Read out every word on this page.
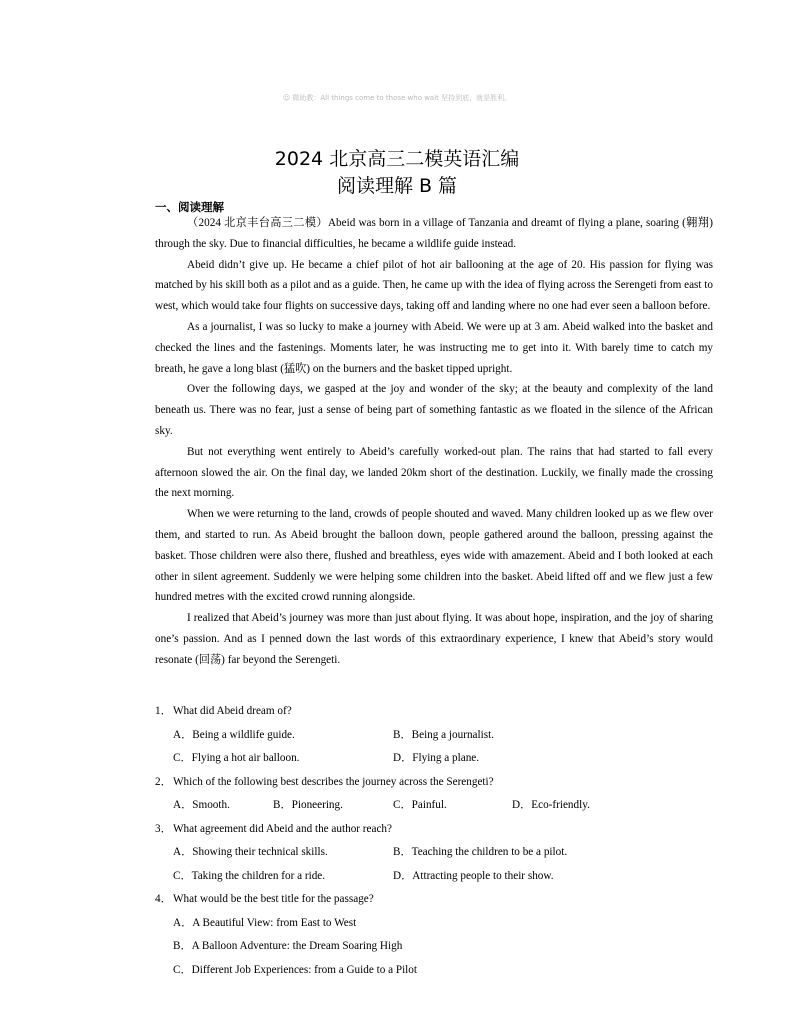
☺ 微助教：All things come to those who wait 坚持到底，就是胜利。
2024 北京高三二模英语汇编
阅读理解 B 篇
一、阅读理解

（2024 北京丰台高三二模）Abeid was born in a village of Tanzania and dreamt of flying a plane, soaring (翱翔) through the sky. Due to financial difficulties, he became a wildlife guide instead.

Abeid didn’t give up. He became a chief pilot of hot air ballooning at the age of 20. His passion for flying was matched by his skill both as a pilot and as a guide. Then, he came up with the idea of flying across the Serengeti from east to west, which would take four flights on successive days, taking off and landing where no one had ever seen a balloon before.

As a journalist, I was so lucky to make a journey with Abeid. We were up at 3 am. Abeid walked into the basket and checked the lines and the fastenings. Moments later, he was instructing me to get into it. With barely time to catch my breath, he gave a long blast (猛吹) on the burners and the basket tipped upright.

Over the following days, we gasped at the joy and wonder of the sky; at the beauty and complexity of the land beneath us. There was no fear, just a sense of being part of something fantastic as we floated in the silence of the African sky.

But not everything went entirely to Abeid’s carefully worked-out plan. The rains that had started to fall every afternoon slowed the air. On the final day, we landed 20km short of the destination. Luckily, we finally made the crossing the next morning.

When we were returning to the land, crowds of people shouted and waved. Many children looked up as we flew over them, and started to run. As Abeid brought the balloon down, people gathered around the balloon, pressing against the basket. Those children were also there, flushed and breathless, eyes wide with amazement. Abeid and I both looked at each other in silent agreement. Suddenly we were helping some children into the basket. Abeid lifted off and we flew just a few hundred metres with the excited crowd running alongside.

I realized that Abeid’s journey was more than just about flying. It was about hope, inspiration, and the joy of sharing one’s passion. And as I penned down the last words of this extraordinary experience, I knew that Abeid’s story would resonate (回荡) far beyond the Serengeti.

1．What did Abeid dream of?
A．Being a wildlife guide.	B．Being a journalist.
C．Flying a hot air balloon.	D．Flying a plane.
2．Which of the following best describes the journey across the Serengeti?
A．Smooth.	B．Pioneering.	C．Painful.	D．Eco-friendly.
3．What agreement did Abeid and the author reach?
A．Showing their technical skills.	B．Teaching the children to be a pilot.
C．Taking the children for a ride.	D．Attracting people to their show.
4．What would be the best title for the passage?
A．A Beautiful View: from East to West
B．A Balloon Adventure: the Dream Soaring High
C．Different Job Experiences: from a Guide to a Pilot
